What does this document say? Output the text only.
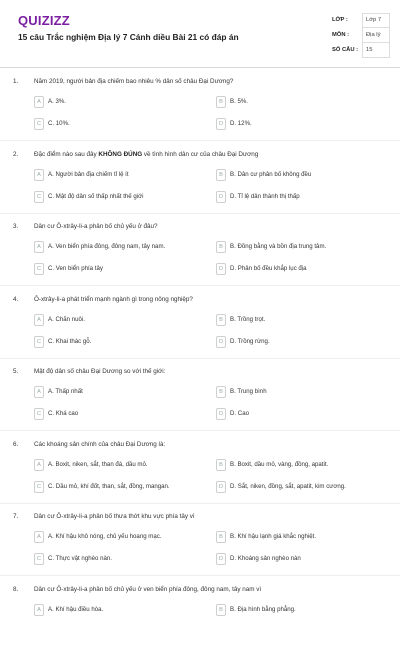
QUIZIZZ
15 câu Trắc nghiệm Địa lý 7 Cánh diều Bài 21 có đáp án
LỚP :	Lớp 7
MÔN :	Địa lý
SỐ CÂU : 15
1. Năm 2019, người bản địa chiếm bao nhiêu % dân số châu Đại Dương?
A	A. 3%.	B	B. 5%.
C	C. 10%.	D	D. 12%.
2. Đặc điểm nào sau đây KHÔNG ĐÚNG về tình hình dân cư của châu Đại Dương
A	A. Người bản địa chiếm tỉ lệ ít	B	B. Dân cư phân bố không đều
C	C. Mật độ dân số thấp nhất thế giới	D	D. Tỉ lệ dân thành thị thấp
3. Dân cư Ô-xtrây-li-a phân bố chủ yếu ở đâu?
A	A. Ven biển phía đông, đông nam, tây nam.	B	B. Đồng bằng và bồn địa trung tâm.
C	C. Ven biển phía tây	D	D. Phân bố đều khắp lục địa
4. Ô-xtrây-li-a phát triển mạnh ngành gì trong nông nghiệp?
A	A. Chăn nuôi.	B	B. Trồng trọt.
C	C. Khai thác gỗ.	D	D. Trồng rừng.
5. Mật độ dân số châu Đại Dương so với thế giới:
A	A. Thấp nhất	B	B. Trung bình
C	C. Khá cao	D	D. Cao
6. Các khoáng sản chính của châu Đại Dương là:
A	A. Boxit, niken, sắt, than đá, dầu mỏ.	B	B. Boxit, dầu mỏ, vàng, đồng, apatit.
C	C. Dầu mỏ, khí đốt, than, sắt, đồng, mangan.	D	D. Sắt, niken, đồng, sắt, apatit, kim cương.
7. Dân cư Ô-xtrây-li-a phân bố thưa thớt khu vực phía tây vì
A	A. Khí hậu khô nóng, chủ yếu hoang mạc.	B	B. Khí hậu lạnh giá khắc nghiệt.
C	C. Thực vật nghèo nàn.	D	D. Khoáng sản nghèo nàn
8. Dân cư Ô-xtrây-li-a phân bố chủ yếu ở ven biển phía đông, đông nam, tây nam vì
A	A. Khí hậu điều hòa.	B	B. Địa hình bằng phẳng.
